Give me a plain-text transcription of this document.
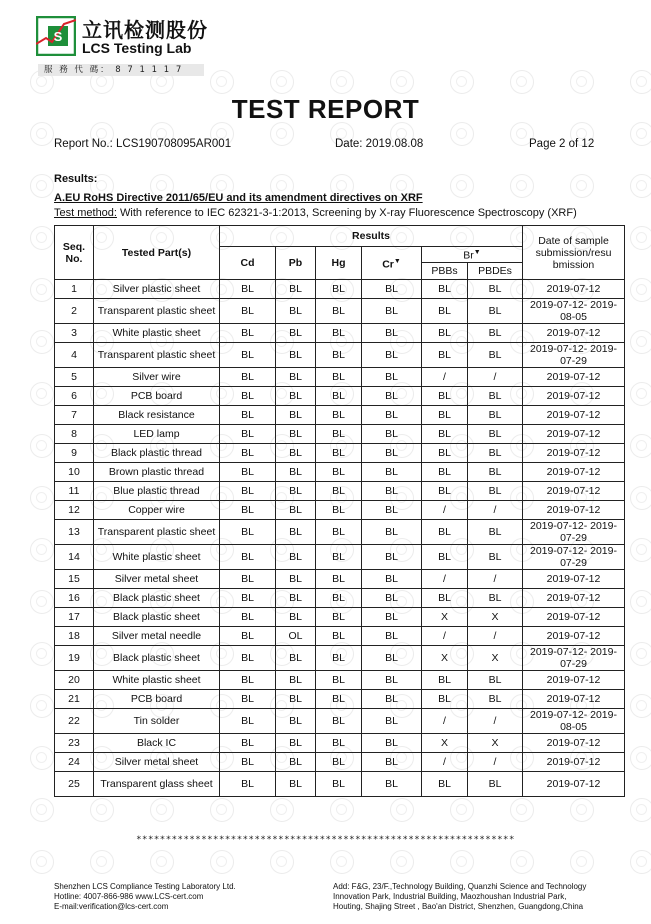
S 立讯检测股份
LCS Testing Lab
服 務 代 碼： 8 7 1 1 1 7
TEST REPORT
Report No.: LCS190708095AR001	Date: 2019.08.08	Page 2 of 12
Results:
A.EU RoHS Directive 2011/65/EU and its amendment directives on XRF
Test method: With reference to IEC 62321-3-1:2013, Screening by X-ray Fluorescence Spectroscopy (XRF)
Seq. No.	Tested Part(s)	Results						Date of sample submission/resu bmission
		Cd	Pb	Hg	Cr▼	Br▼
						PBBs	PBDEs	
1	Silver plastic sheet	BL	BL	BL	BL	BL	BL	2019-07-12
2	Transparent plastic sheet	BL	BL	BL	BL	BL	BL	2019-07-12- 2019-08-05
3	White plastic sheet	BL	BL	BL	BL	BL	BL	2019-07-12
4	Transparent plastic sheet	BL	BL	BL	BL	BL	BL	2019-07-12- 2019-07-29
5	Silver wire	BL	BL	BL	BL	/	/	2019-07-12
6	PCB board	BL	BL	BL	BL	BL	BL	2019-07-12
7	Black resistance	BL	BL	BL	BL	BL	BL	2019-07-12
8	LED lamp	BL	BL	BL	BL	BL	BL	2019-07-12
9	Black plastic thread	BL	BL	BL	BL	BL	BL	2019-07-12
10	Brown plastic thread	BL	BL	BL	BL	BL	BL	2019-07-12
11	Blue plastic thread	BL	BL	BL	BL	BL	BL	2019-07-12
12	Copper wire	BL	BL	BL	BL	/	/	2019-07-12
13	Transparent plastic sheet	BL	BL	BL	BL	BL	BL	2019-07-12- 2019-07-29
14	White plastic sheet	BL	BL	BL	BL	BL	BL	2019-07-12- 2019-07-29
15	Silver metal sheet	BL	BL	BL	BL	/	/	2019-07-12
16	Black plastic sheet	BL	BL	BL	BL	BL	BL	2019-07-12
17	Black plastic sheet	BL	BL	BL	BL	X	X	2019-07-12
18	Silver metal needle	BL	OL	BL	BL	/	/	2019-07-12
19	Black plastic sheet	BL	BL	BL	BL	X	X	2019-07-12- 2019-07-29
20	White plastic sheet	BL	BL	BL	BL	BL	BL	2019-07-12
21	PCB board	BL	BL	BL	BL	BL	BL	2019-07-12
22	Tin solder	BL	BL	BL	BL	/	/	2019-07-12- 2019-08-05
23	Black IC	BL	BL	BL	BL	X	X	2019-07-12
24	Silver metal sheet	BL	BL	BL	BL	/	/	2019-07-12
25	Transparent glass sheet	BL	BL	BL	BL	BL	BL	2019-07-12
****************************************************************
Shenzhen LCS Compliance Testing Laboratory Ltd.
Hotline: 4007-866-986 www.LCS-cert.com
E-mail:verification@lcs-cert.com
Add: F&G, 23/F.,Technology Building, Quanzhi Science and Technology
Innovation Park, Industrial Building, Maozhoushan Industrial Park,
Houting, Shajing Street , Bao'an District, Shenzhen, Guangdong,China
